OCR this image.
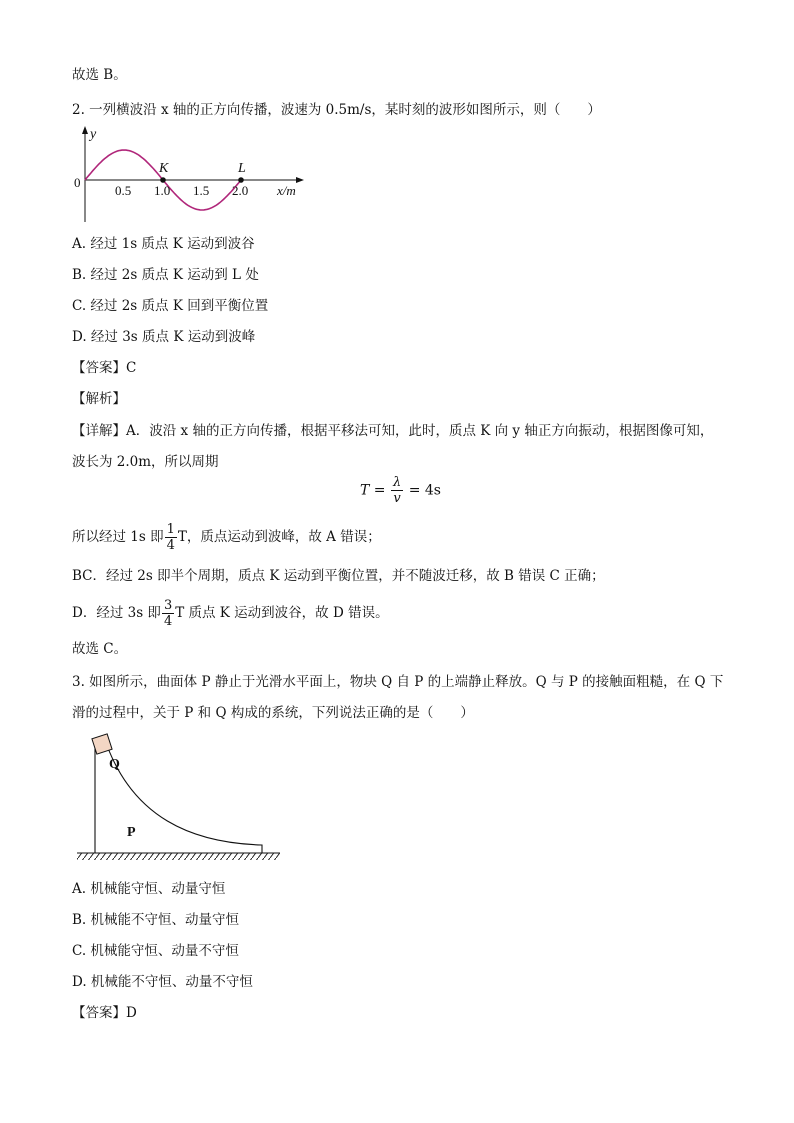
故选 B。
2. 一列横波沿 x 轴的正方向传播，波速为 0.5m/s，某时刻的波形如图所示，则（　　）
y
0
0.5 1.0 1.5 2.0 x/m
K	L
A. 经过 1s 质点 K 运动到波谷
B. 经过 2s 质点 K 运动到 L 处
C. 经过 2s 质点 K 回到平衡位置
D. 经过 3s 质点 K 运动到波峰
【答案】C
【解析】
【详解】A．波沿 x 轴的正方向传播，根据平移法可知，此时，质点 K 向 y 轴正方向振动，根据图像可知，
波长为 2.0m，所以周期
$T = \frac{\lambda}{v} = 4s$
所以经过 1s 即 $\frac{1}{4}$ T，质点运动到波峰，故 A 错误；
BC．经过 2s 即半个周期，质点 K 运动到平衡位置，并不随波迁移，故 B 错误 C 正确；
D．经过 3s 即 $\frac{3}{4}$ T 质点 K 运动到波谷，故 D 错误。
故选 C。
3. 如图所示，曲面体 P 静止于光滑水平面上，物块 Q 自 P 的上端静止释放。Q 与 P 的接触面粗糙，在 Q 下
滑的过程中，关于 P 和 Q 构成的系统，下列说法正确的是（　　）
Q
P
A. 机械能守恒、动量守恒
B. 机械能不守恒、动量守恒
C. 机械能守恒、动量不守恒
D. 机械能不守恒、动量不守恒
【答案】D
